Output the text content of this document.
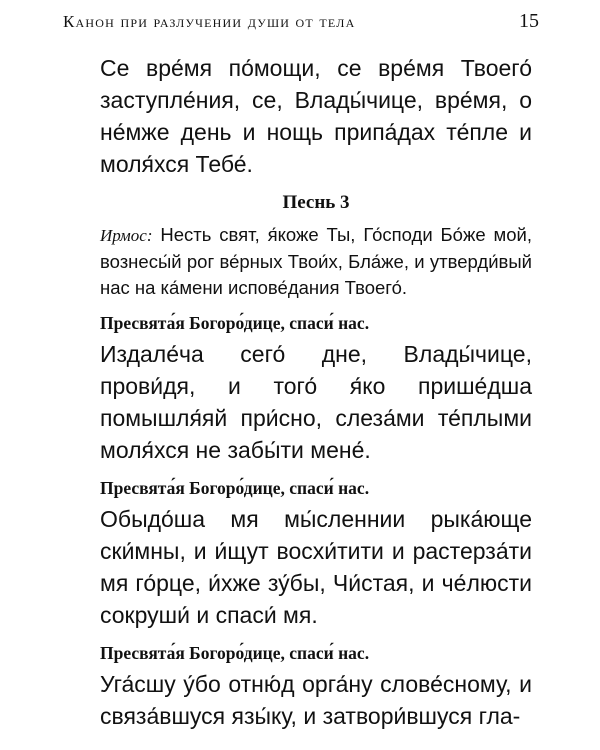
Канон при разлучении души от тела	15

Се вре́мя по́мощи, се вре́мя Твоего́ заступле́ния, се, Влады́чице, вре́мя, о не́мже день и нощь припа́дах те́пле и моля́хся Тебе́.

Песнь 3

Ирмос: Несть свят, я́коже Ты, Го́споди Бо́же мой, вознесы́й рог ве́рных Твои́х, Бла́же, и утверди́вый нас на ка́мени испове́дания Твоего́.

Пресвята́я Богоро́дице, спаси́ нас.

Издале́ча сего́ дне, Влады́чице, прови́дя, и того́ я́ко прише́дша помышля́яй при́сно, слеза́ми те́плыми моля́хся не забы́ти мене́.

Пресвята́я Богоро́дице, спаси́ нас.

Обыдо́ша мя мы́сленнии рыка́юще ски́мны, и и́щут восхи́тити и растерза́ти мя го́рце, и́хже зу́бы, Чи́стая, и че́люсти сокруши́ и спаси́ мя.

Пресвята́я Богоро́дице, спаси́ нас.

Уга́сшу у́бо отню́д орга́ну слове́сному, и связа́вшуся язы́ку, и затвори́вшуся гла-
